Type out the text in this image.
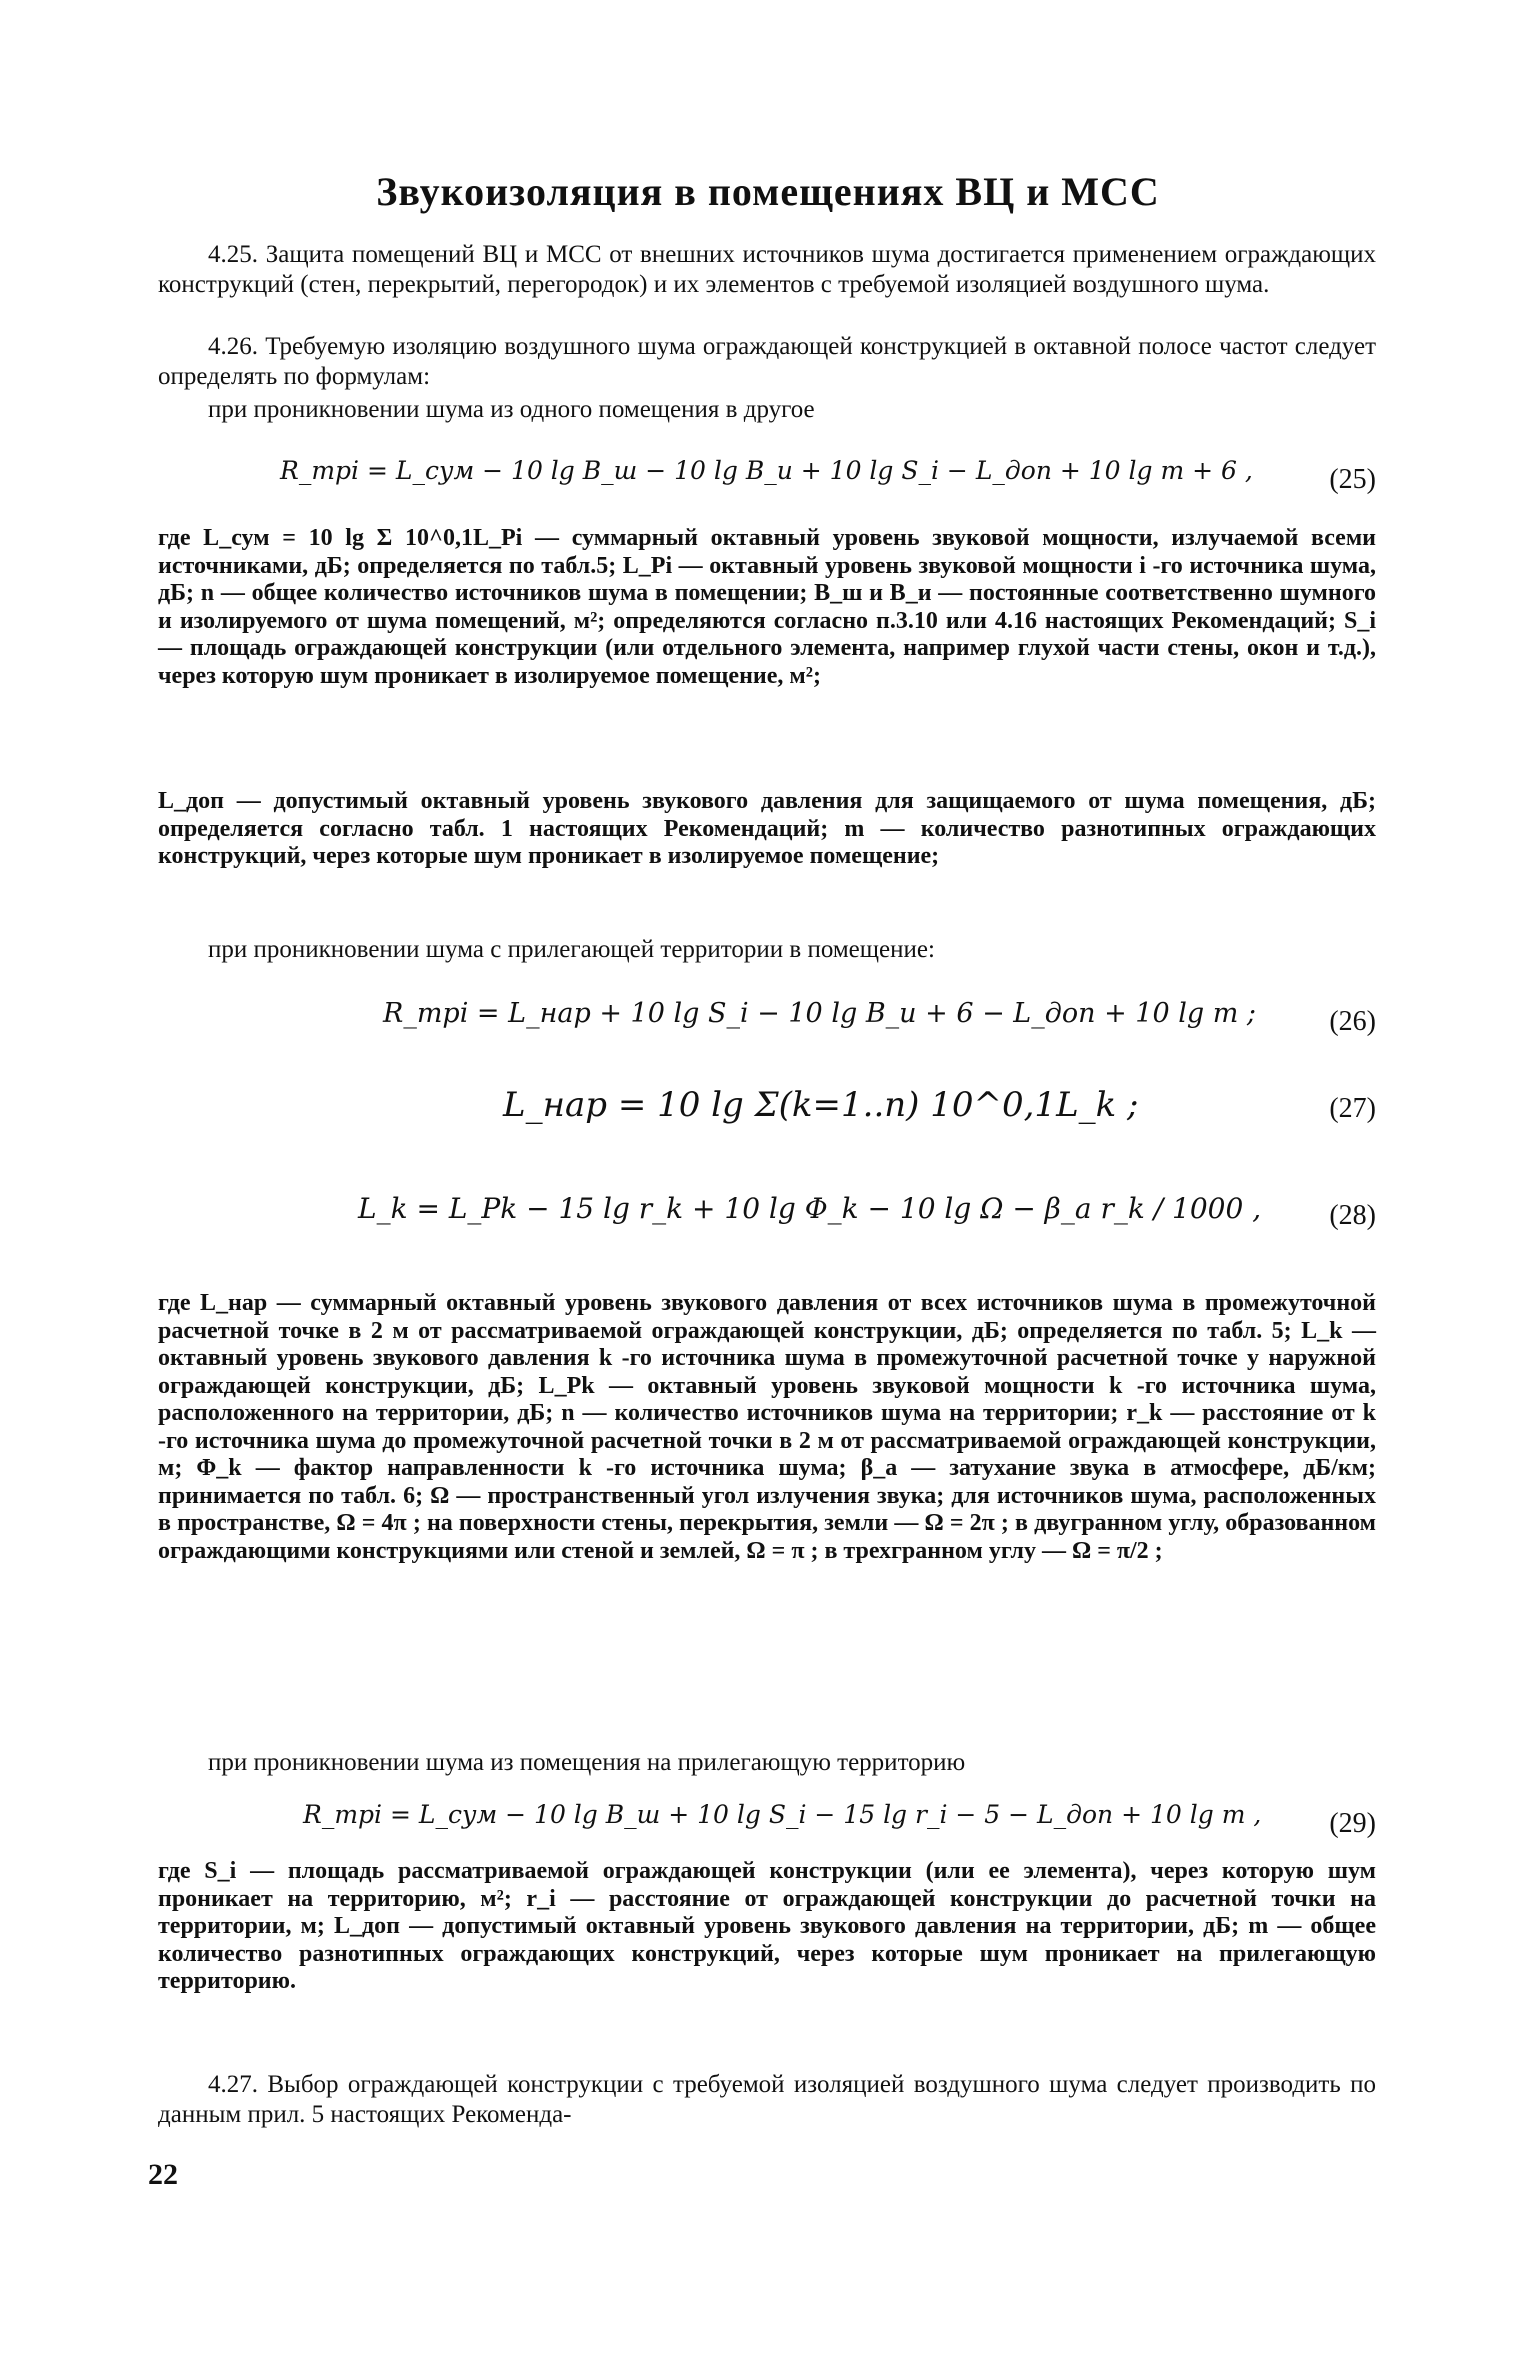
Звукоизоляция в помещениях ВЦ и МСС

4.25. Защита помещений ВЦ и МСС от внешних источников шума достигается применением ограждающих конструкций (стен, перекрытий, перегородок) и их элементов с требуемой изоляцией воздушного шума.

4.26. Требуемую изоляцию воздушного шума ограждающей конструкцией в октавной полосе частот следует определять по формулам:

при проникновении шума из одного помещения в другое

R_трi = L_сум − 10 lg B_ш − 10 lg B_и + 10 lg S_i − L_доп + 10 lg m + 6 ,	(25)

где L_сум = 10 lg Σ 10^0,1L_Pi — суммарный октавный уровень звуковой мощности, излучаемой всеми источниками, дБ; определяется по табл.5; L_Pi — октавный уровень звуковой мощности i -го источника шума, дБ; n — общее количество источников шума в помещении; В_ш и В_и — постоянные соответственно шумного и изолируемого от шума помещений, м²; определяются согласно п.3.10 или 4.16 настоящих Рекомендаций; S_i — площадь ограждающей конструкции (или отдельного элемента, например глухой части стены, окон и т.д.), через которую шум проникает в изолируемое помещение, м²;

L_доп — допустимый октавный уровень звукового давления для защищаемого от шума помещения, дБ; определяется согласно табл. 1 настоящих Рекомендаций; m — количество разнотипных ограждающих конструкций, через которые шум проникает в изолируемое помещение;

при проникновении шума с прилегающей территории в помещение:

R_трi = L_нар + 10 lg S_i − 10 lg B_и + 6 − L_доп + 10 lg m ;	(26)
L_нар = 10 lg Σ(k=1..n) 10^0,1L_k ;	(27)
L_k = L_Pk − 15 lg r_k + 10 lg Φ_k − 10 lg Ω − β_a r_k / 1000 , (28)

где L_нар — суммарный октавный уровень звукового давления от всех источников шума в промежуточной расчетной точке в 2 м от рассматриваемой ограждающей конструкции, дБ; определяется по табл. 5; L_k — октавный уровень звукового давления k -го источника шума в промежуточной расчетной точке у наружной ограждающей конструкции, дБ; L_Pk — октавный уровень звуковой мощности k -го источника шума, расположенного на территории, дБ; n — количество источников шума на территории; r_k — расстояние от k -го источника шума до промежуточной расчетной точки в 2 м от рассматриваемой ограждающей конструкции, м; Φ_k — фактор направленности k -го источника шума; β_a — затухание звука в атмосфере, дБ/км; принимается по табл. 6; Ω — пространственный угол излучения звука; для источников шума, расположенных в пространстве, Ω = 4π ; на поверхности стены, перекрытия, земли — Ω = 2π ; в двугранном углу, образованном ограждающими конструкциями или стеной и землей, Ω = π ; в трехгранном углу — Ω = π/2 ;

при проникновении шума из помещения на прилегающую территорию

R_трi = L_сум − 10 lg B_ш + 10 lg S_i − 15 lg r_i − 5 − L_доп + 10 lg m , (29)

где S_i — площадь рассматриваемой ограждающей конструкции (или ее элемента), через которую шум проникает на территорию, м²; r_i — расстояние от ограждающей конструкции до расчетной точки на территории, м; L_доп — допустимый октавный уровень звукового давления на территории, дБ; m — общее количество разнотипных ограждающих конструкций, через которые шум проникает на прилегающую территорию.

4.27. Выбор ограждающей конструкции с требуемой изоляцией воздушного шума следует производить по данным прил. 5 настоящих Рекоменда-

22
